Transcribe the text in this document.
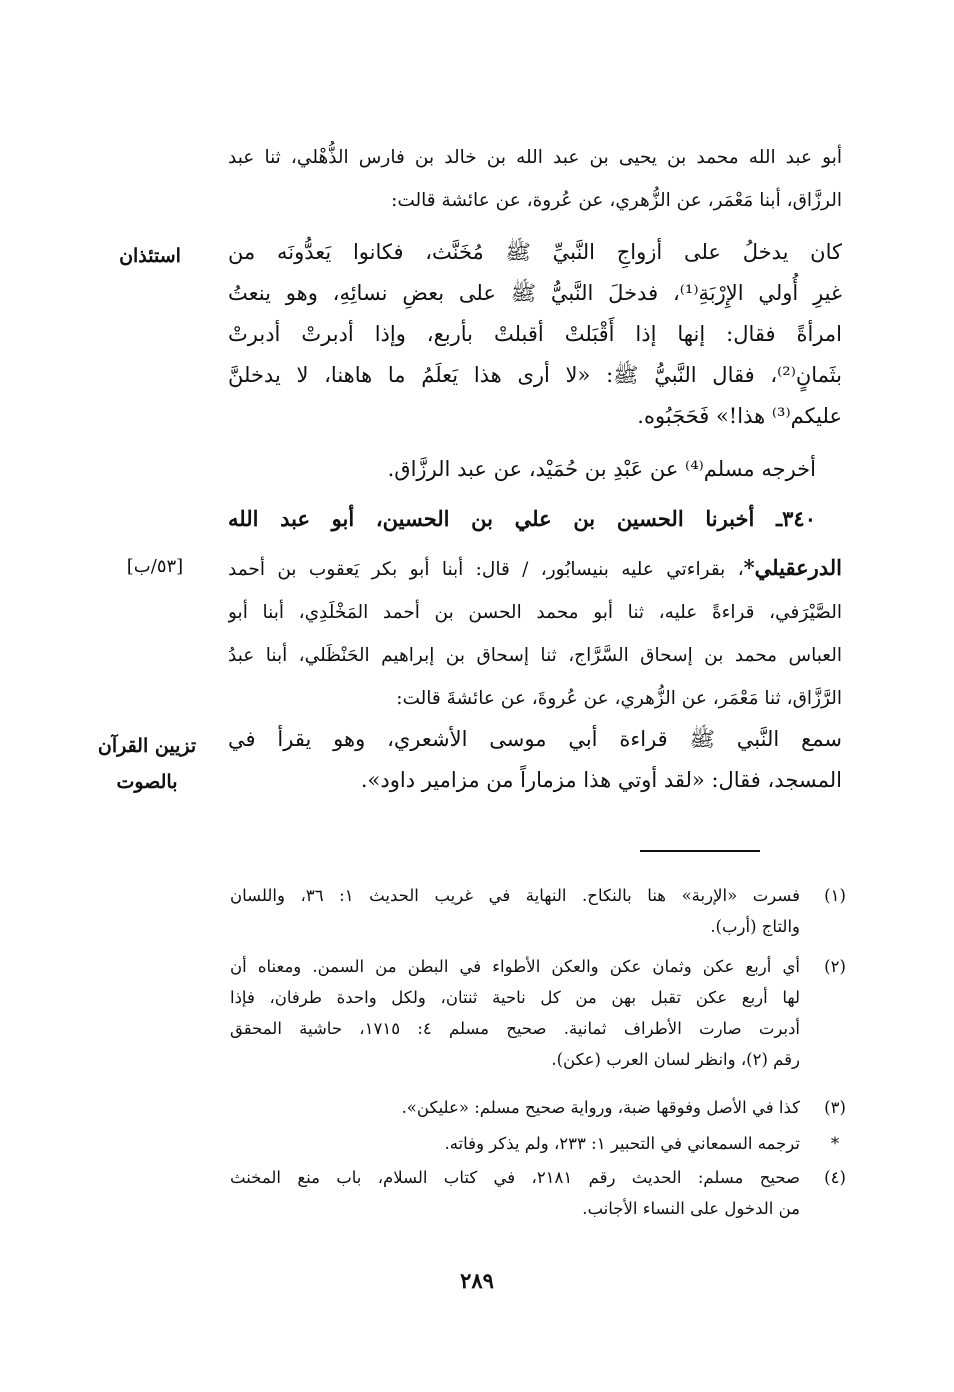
أبو عبد الله محمد بن يحيى بن عبد الله بن خالد بن فارس الذُّهْلي، ثنا عبد
الرزَّاق، أبنا مَعْمَر، عن الزُّهري، عن عُروة، عن عائشة قالت:
كان يدخلُ على أزواجِ النَّبيِّ ﷺ مُخَنَّث، فكانوا يَعدُّونَه من
غيرِ أُولي الإِرْبَةِ⁽¹⁾، فدخلَ النَّبيُّ ﷺ على بعضِ نسائِهِ، وهو ينعتُ
امرأةً فقال: إنها إذا أَقْبَلتْ أقبلتْ بأربع، وإذا أدبرتْ أدبرتْ
بثَمانٍ⁽²⁾، فقال النَّبيُّ ﷺ: «لا أرى هذا يَعلَمُ ما هاهنا، لا يدخلنَّ
عليكم⁽³⁾ هذا!» فَحَجَبُوه.
أخرجه مسلم⁽⁴⁾ عن عَبْدِ بن حُمَيْد، عن عبد الرزَّاق.
٣٤٠ـ أخبرنا الحسين بن علي بن الحسين، أبو عبد الله
الدرعقيلي*، بقراءتي عليه بنيسابُور، / قال: أبنا أبو بكر يَعقوب بن أحمد
الصَّيْرَفي، قراءةً عليه، ثنا أبو محمد الحسن بن أحمد المَخْلَدِي، أبنا أبو
العباس محمد بن إسحاق السَّرَّاج، ثنا إسحاق بن إبراهيم الحَنْظَلي، أبنا عبدُ
الرَّزَّاق، ثنا مَعْمَر، عن الزُّهري، عن عُروةَ، عن عائشةَ قالت:
سمع النَّبي ﷺ قراءة أبي موسى الأشعري، وهو يقرأ في
المسجد، فقال: «لقد أوتي هذا مزماراً من مزامير داود».
استئذان
[٥٣/ب]
تزيين القرآن
بالصوت
(١)
فسرت «الإربة» هنا بالنكاح. النهاية في غريب الحديث ١: ٣٦، واللسان
والتاج (أرب).
(٢)
أي أربع عكن وثمان عكن والعكن الأطواء في البطن من السمن. ومعناه أن
لها أربع عكن تقبل بهن من كل ناحية ثنتان، ولكل واحدة طرفان، فإذا
أدبرت صارت الأطراف ثمانية. صحيح مسلم ٤: ١٧١٥، حاشية المحقق
رقم (٢)، وانظر لسان العرب (عكن).
(٣)
كذا في الأصل وفوقها ضبة، ورواية صحيح مسلم: «عليكن».
*
ترجمه السمعاني في التحبير ١: ٢٣٣، ولم يذكر وفاته.
(٤)
صحيح مسلم: الحديث رقم ٢١٨١، في كتاب السلام، باب منع المخنث
من الدخول على النساء الأجانب.
٢٨٩
